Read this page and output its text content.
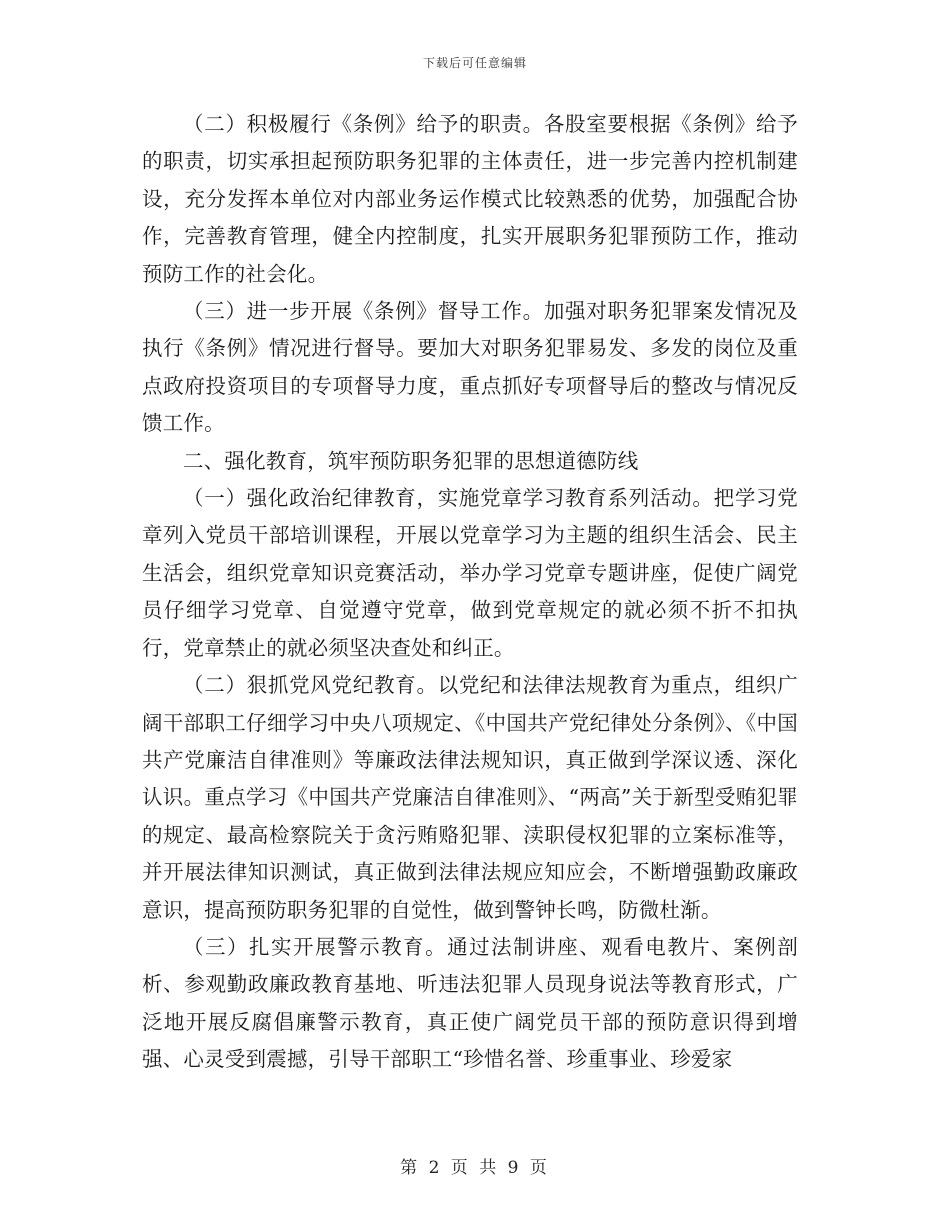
下载后可任意编辑

（二）积极履行《条例》给予的职责。各股室要根据《条例》给予的职责，切实承担起预防职务犯罪的主体责任，进一步完善内控机制建设，充分发挥本单位对内部业务运作模式比较熟悉的优势，加强配合协作，完善教育管理，健全内控制度，扎实开展职务犯罪预防工作，推动预防工作的社会化。

（三）进一步开展《条例》督导工作。加强对职务犯罪案发情况及执行《条例》情况进行督导。要加大对职务犯罪易发、多发的岗位及重点政府投资项目的专项督导力度，重点抓好专项督导后的整改与情况反馈工作。

二、强化教育，筑牢预防职务犯罪的思想道德防线

（一）强化政治纪律教育，实施党章学习教育系列活动。把学习党章列入党员干部培训课程，开展以党章学习为主题的组织生活会、民主生活会，组织党章知识竞赛活动，举办学习党章专题讲座，促使广阔党员仔细学习党章、自觉遵守党章，做到党章规定的就必须不折不扣执行，党章禁止的就必须坚决查处和纠正。

（二）狠抓党风党纪教育。以党纪和法律法规教育为重点，组织广阔干部职工仔细学习中央八项规定、《中国共产党纪律处分条例》、《中国共产党廉洁自律准则》等廉政法律法规知识，真正做到学深议透、深化认识。重点学习《中国共产党廉洁自律准则》、“两高”关于新型受贿犯罪的规定、最高检察院关于贪污贿赂犯罪、渎职侵权犯罪的立案标准等，并开展法律知识测试，真正做到法律法规应知应会，不断增强勤政廉政意识，提高预防职务犯罪的自觉性，做到警钟长鸣，防微杜渐。

（三）扎实开展警示教育。通过法制讲座、观看电教片、案例剖析、参观勤政廉政教育基地、听违法犯罪人员现身说法等教育形式，广泛地开展反腐倡廉警示教育，真正使广阔党员干部的预防意识得到增强、心灵受到震撼，引导干部职工“珍惜名誉、珍重事业、珍爱家

第 2 页 共 9 页
